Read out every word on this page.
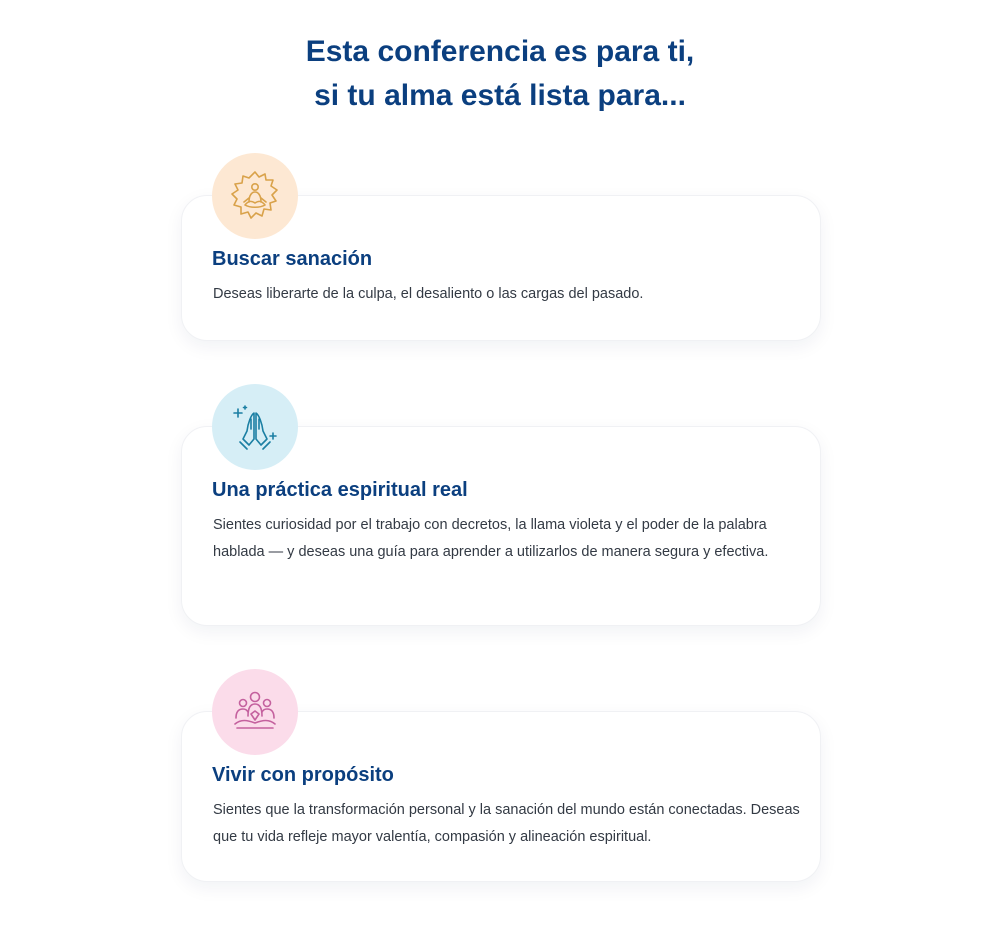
Esta conferencia es para ti,
si tu alma está lista para...
Buscar sanación

Deseas liberarte de la culpa, el desaliento o las cargas del pasado.

Una práctica espiritual real

Sientes curiosidad por el trabajo con decretos, la llama violeta y el poder de la palabra hablada — y deseas una guía para aprender a utilizarlos de manera segura y efectiva.

Vivir con propósito

Sientes que la transformación personal y la sanación del mundo están conectadas. Deseas que tu vida refleje mayor valentía, compasión y alineación espiritual.
